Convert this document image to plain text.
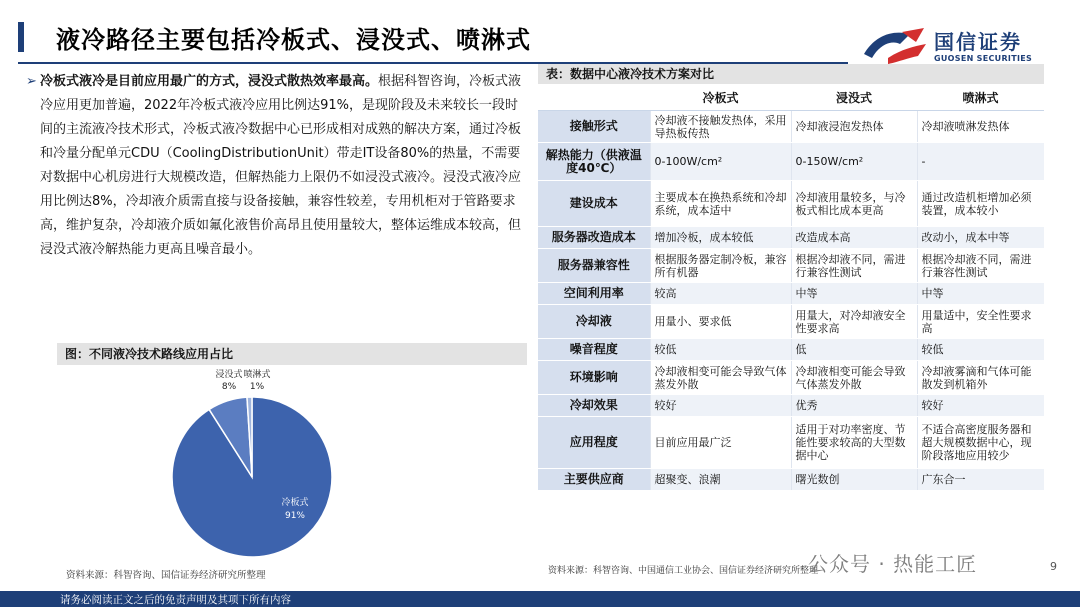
液冷路径主要包括冷板式、浸没式、喷淋式	国信证券
GUOSEN SECURITIES
➢ 冷板式液冷是目前应用最广的方式，浸没式散热效率最高。根据科智咨询，冷板式液冷应用更加普遍，2022年冷板式液冷应用比例达91%，是现阶段及未来较长一段时间的主流液冷技术形式，冷板式液冷数据中心已形成相对成熟的解决方案，通过冷板和冷量分配单元CDU（CoolingDistributionUnit）带走IT设备80%的热量，不需要对数据中心机房进行大规模改造，但解热能力上限仍不如浸没式液冷。浸没式液冷应用比例达8%，冷却液介质需直接与设备接触，兼容性较差，专用机柜对于管路要求高，维护复杂，冷却液介质如氟化液售价高昂且使用量较大，整体运维成本较高，但浸没式液冷解热能力更高且噪音最小。
图：不同液冷技术路线应用占比
冷板式
91%
浸没式
8%
喷淋式
1%
资料来源：科智咨询、国信证券经济研究所整理
表：数据中心液冷技术方案对比
	冷板式	浸没式	喷淋式
接触形式	冷却液不接触发热体，采用导热板传热	冷却液浸泡发热体	冷却液喷淋发热体
解热能力（供液温度40℃）	0-100W/cm²	0-150W/cm²	-
建设成本	主要成本在换热系统和冷却系统，成本适中	冷却液用量较多，与冷板式相比成本更高	通过改造机柜增加必须装置，成本较小
服务器改造成本	增加冷板，成本较低	改造成本高	改动小，成本中等
服务器兼容性	根据服务器定制冷板，兼容所有机器	根据冷却液不同，需进行兼容性测试	根据冷却液不同，需进行兼容性测试
空间利用率	较高	中等	中等
冷却液	用量小、要求低	用量大，对冷却液安全性要求高	用量适中，安全性要求高
噪音程度	较低	低	较低
环境影响	冷却液相变可能会导致气体蒸发外散	冷却液相变可能会导致气体蒸发外散	冷却液雾滴和气体可能散发到机箱外
冷却效果	较好	优秀	较好
应用程度	目前应用最广泛	适用于对功率密度、节能性要求较高的大型数据中心	不适合高密度服务器和超大规模数据中心，现阶段落地应用较少
主要供应商	超聚变、浪潮	曙光数创	广东合一
资料来源：科智咨询、中国通信工业协会、国信证券经济研究所整理
公众号 · 热能工匠	9
请务必阅读正文之后的免责声明及其项下所有内容
